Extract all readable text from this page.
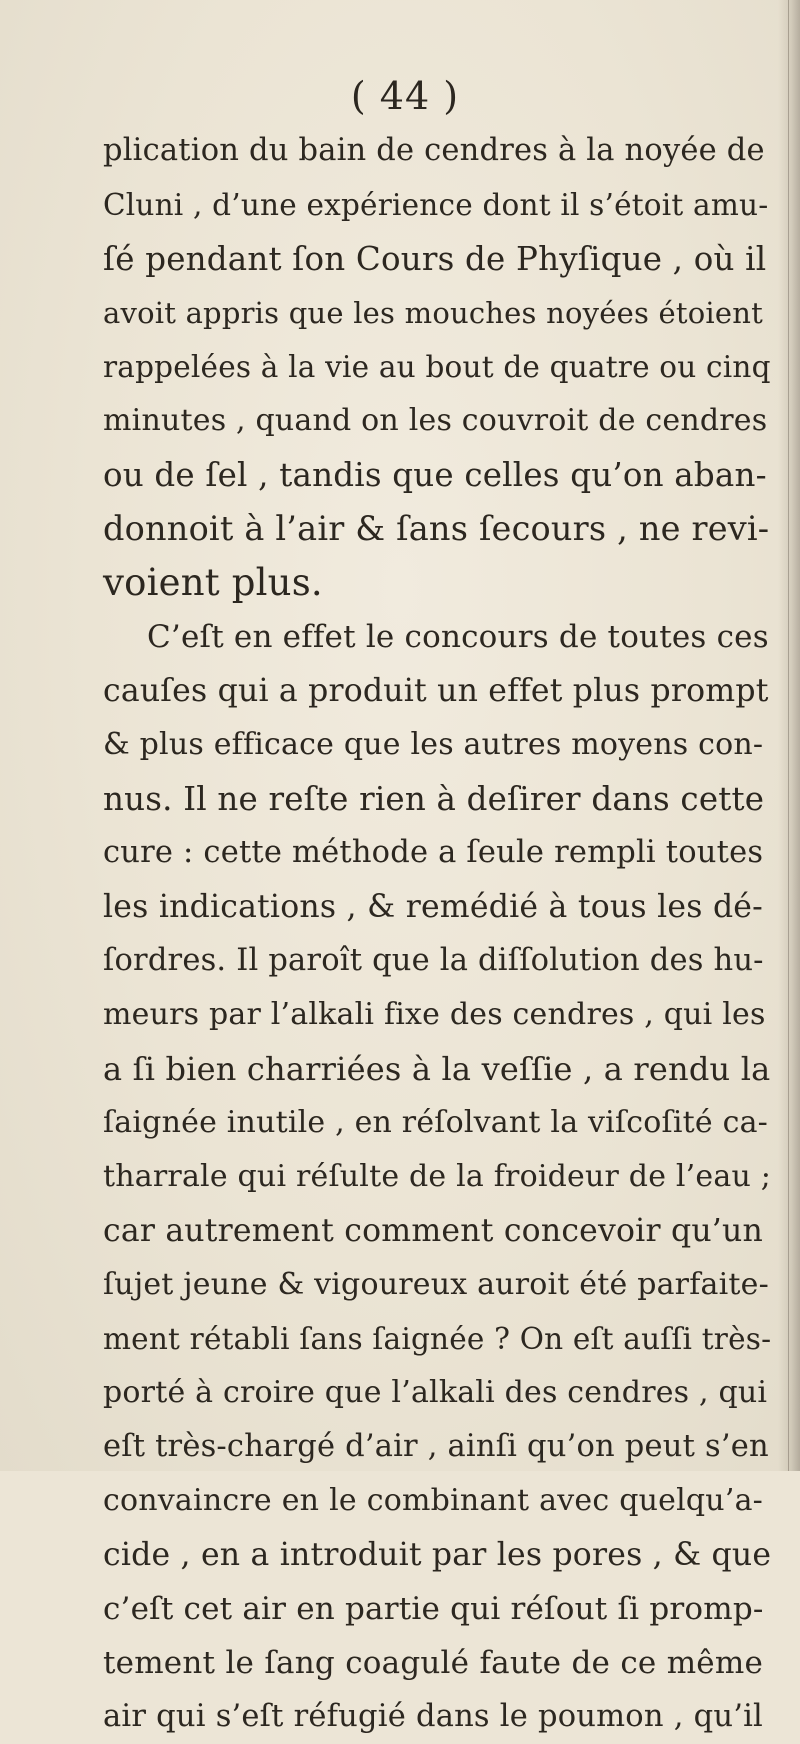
( 44 )
plication du bain de cendres à la noyée de
Cluni , d’une expérience dont il s’étoit amu-
ſé pendant ſon Cours de Phyſique , où il
avoit appris que les mouches noyées étoient
rappelées à la vie au bout de quatre ou cinq
minutes , quand on les couvroit de cendres
ou de ſel , tandis que celles qu’on aban-
donnoit à l’air & ſans ſecours , ne revi-
voient plus.
C’eſt en effet le concours de toutes ces
cauſes qui a produit un effet plus prompt
& plus efficace que les autres moyens con-
nus. Il ne reſte rien à deſirer dans cette
cure : cette méthode a ſeule rempli toutes
les indications , & remédié à tous les dé-
ſordres. Il paroît que la diſſolution des hu-
meurs par l’alkali fixe des cendres , qui les
a ſi bien charriées à la veſſie , a rendu la
ſaignée inutile , en réſolvant la viſcoſité ca-
tharrale qui réſulte de la froideur de l’eau ;
car autrement comment concevoir qu’un
ſujet jeune & vigoureux auroit été parfaite-
ment rétabli ſans ſaignée ? On eſt auſſi très-
porté à croire que l’alkali des cendres , qui
eſt très-chargé d’air , ainſi qu’on peut s’en
convaincre en le combinant avec quelqu’a-
cide , en a introduit par les pores , & que
c’eſt cet air en partie qui réſout ſi promp-
tement le ſang coagulé faute de ce même
air qui s’eſt réfugié dans le poumon , qu’il
